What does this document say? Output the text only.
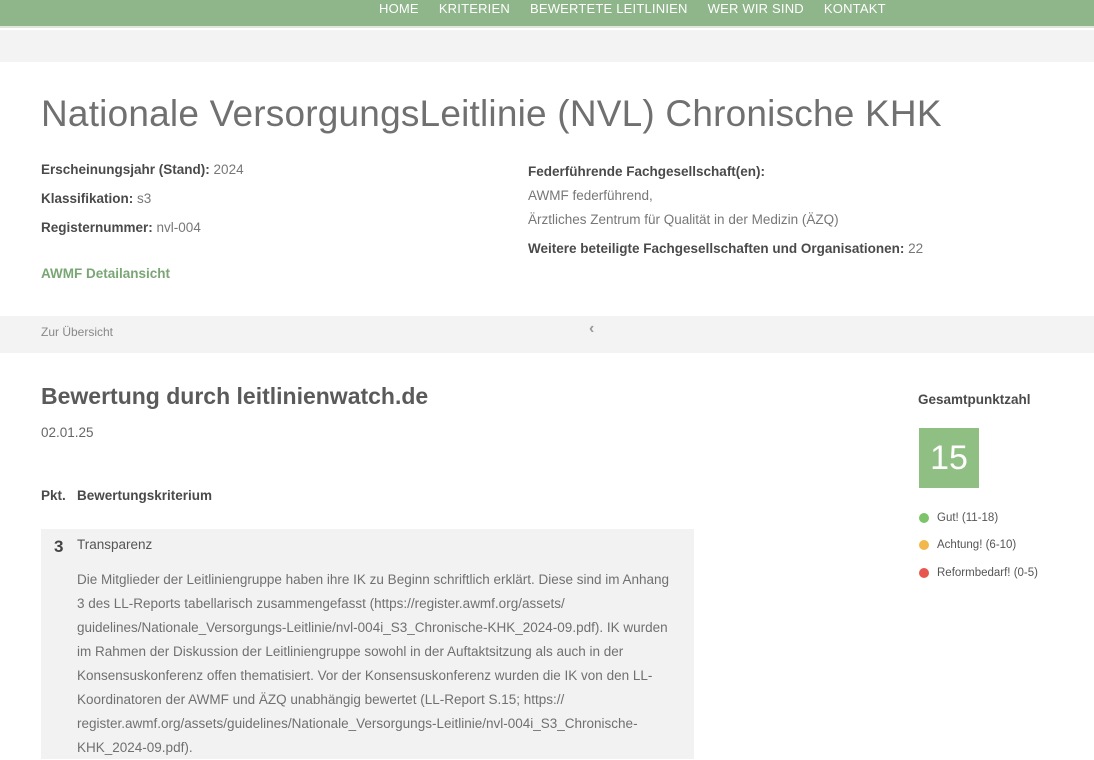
HOME KRITERIEN BEWERTETE LEITLINIEN WER WIR SIND KONTAKT
Nationale VersorgungsLeitlinie (NVL) Chronische KHK
Erscheinungsjahr (Stand): 2024
Klassifikation: s3
Registernummer: nvl-004
Federführende Fachgesellschaft(en):
AWMF federführend,
Ärztliches Zentrum für Qualität in der Medizin (ÄZQ)
Weitere beteiligte Fachgesellschaften und Organisationen: 22
AWMF Detailansicht
Zur Übersicht	‹
Bewertung durch leitlinienwatch.de
02.01.25
Pkt. Bewertungskriterium
3 Transparenz
Die Mitglieder der Leitliniengruppe haben ihre IK zu Beginn schriftlich erklärt. Diese sind im Anhang 3 des LL-Reports tabellarisch zusammengefasst (https://register.awmf.org/assets/ guidelines/Nationale_Versorgungs-Leitlinie/nvl-004i_S3_Chronische-KHK_2024-09.pdf). IK wurden im Rahmen der Diskussion der Leitliniengruppe sowohl in der Auftaktsitzung als auch in der Konsensuskonferenz offen thematisiert. Vor der Konsensuskonferenz wurden die IK von den LL-Koordinatoren der AWMF und ÄZQ unabhängig bewertet (LL-Report S.15; https:// register.awmf.org/assets/guidelines/Nationale_Versorgungs-Leitlinie/nvl-004i_S3_Chronische-KHK_2024-09.pdf).
Gesamtpunktzahl
15
Gut! (11-18)
Achtung! (6-10)
Reformbedarf! (0-5)
